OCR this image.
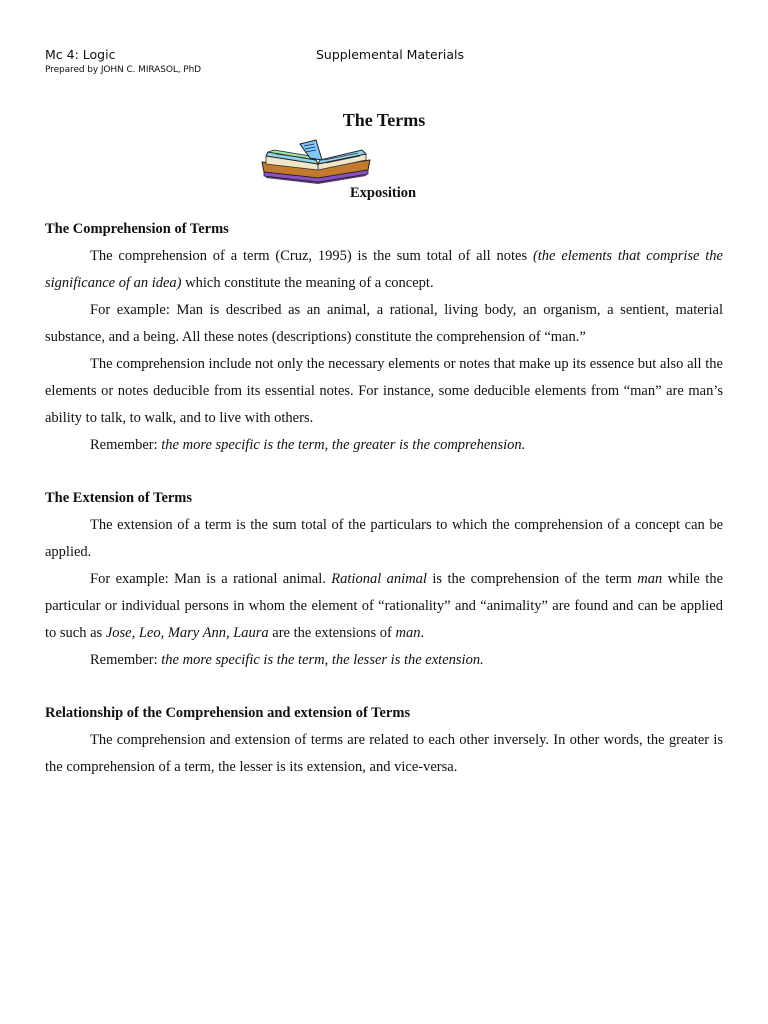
Mc 4: Logic
Prepared by JOHN C. MIRASOL, PhD
Supplemental Materials
The Terms
Exposition
The Comprehension of Terms

The comprehension of a term (Cruz, 1995) is the sum total of all notes (the elements that comprise the significance of an idea) which constitute the meaning of a concept.

For example: Man is described as an animal, a rational, living body, an organism, a sentient, material substance, and a being. All these notes (descriptions) constitute the comprehension of “man.”

The comprehension include not only the necessary elements or notes that make up its essence but also all the elements or notes deducible from its essential notes. For instance, some deducible elements from “man” are man’s ability to talk, to walk, and to live with others.

Remember: the more specific is the term, the greater is the comprehension.

The Extension of Terms

The extension of a term is the sum total of the particulars to which the comprehension of a concept can be applied.

For example: Man is a rational animal. Rational animal is the comprehension of the term man while the particular or individual persons in whom the element of “rationality” and “animality” are found and can be applied to such as Jose, Leo, Mary Ann, Laura are the extensions of man.

Remember: the more specific is the term, the lesser is the extension.

Relationship of the Comprehension and extension of Terms

The comprehension and extension of terms are related to each other inversely. In other words, the greater is the comprehension of a term, the lesser is its extension, and vice-versa.
